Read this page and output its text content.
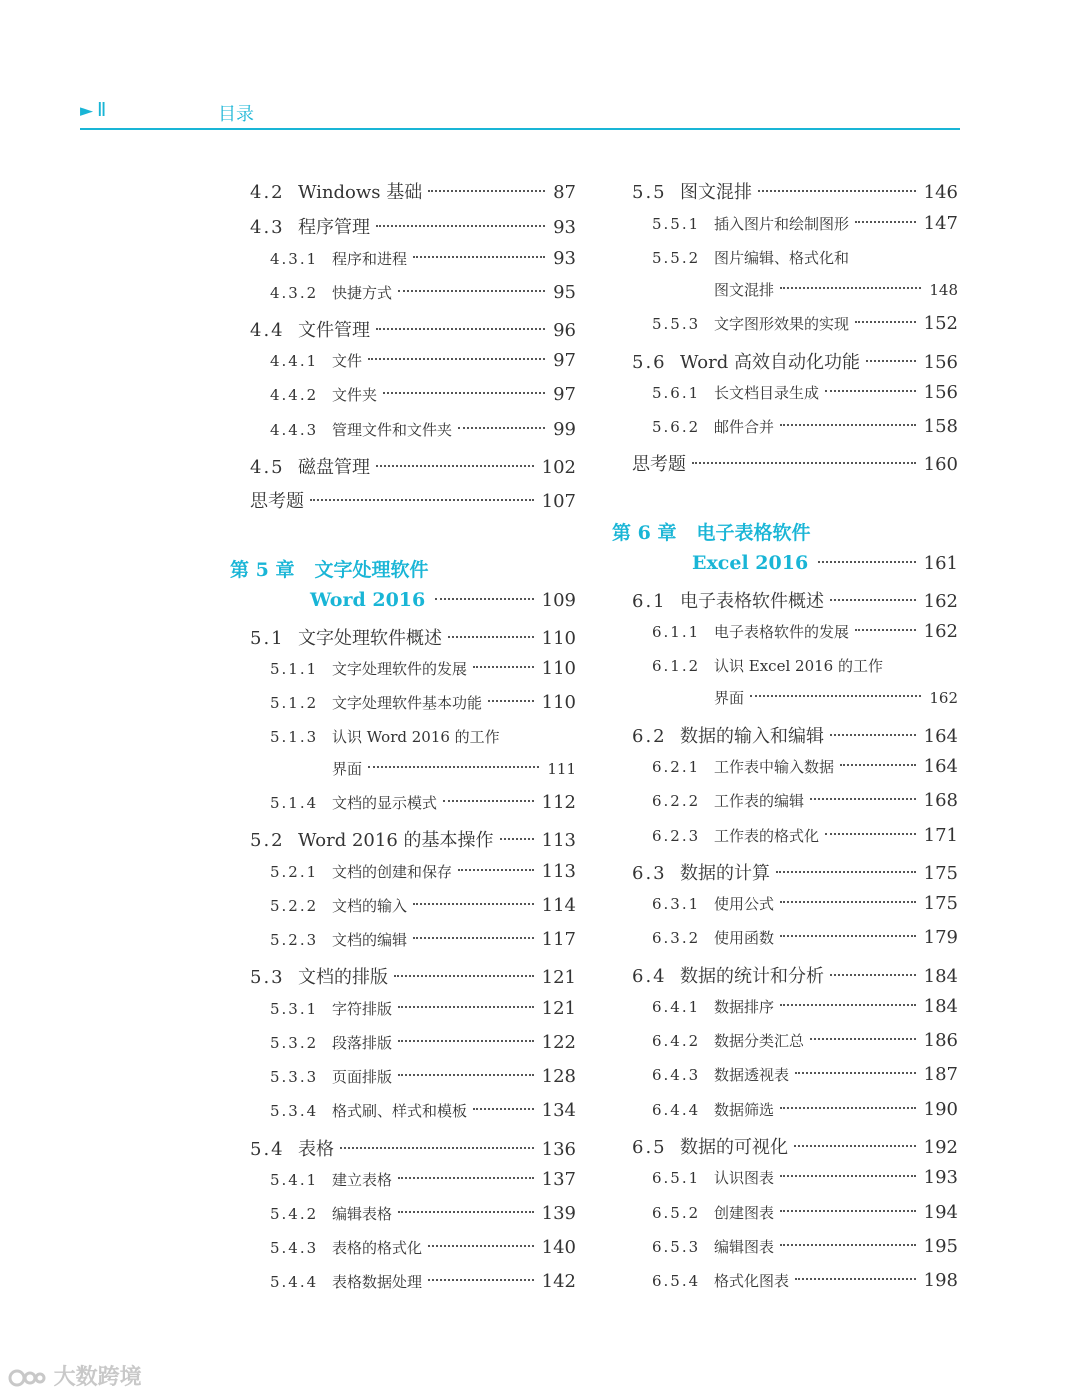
► Ⅱ	目录
4.2 Windows 基础	87
4.3 程序管理	93
4.3.1 程序和进程	93
4.3.2 快捷方式	95
4.4 文件管理	96
4.4.1 文件	97
4.4.2 文件夹	97
4.4.3 管理文件和文件夹	99
4.5 磁盘管理	102
思考题	107
第 5 章 文字处理软件
Word 2016	109
5.1 文字处理软件概述	110
5.1.1 文字处理软件的发展	110
5.1.2 文字处理软件基本功能	110
5.1.3 认识 Word 2016 的工作
界面	111
5.1.4 文档的显示模式	112
5.2 Word 2016 的基本操作	113
5.2.1 文档的创建和保存	113
5.2.2 文档的输入	114
5.2.3 文档的编辑	117
5.3 文档的排版	121
5.3.1 字符排版	121
5.3.2 段落排版	122
5.3.3 页面排版	128
5.3.4 格式刷、样式和模板	134
5.4 表格	136
5.4.1 建立表格	137
5.4.2 编辑表格	139
5.4.3 表格的格式化	140
5.4.4 表格数据处理	142
5.5 图文混排	146
5.5.1 插入图片和绘制图形	147
5.5.2 图片编辑、格式化和
图文混排	148
5.5.3 文字图形效果的实现	152
5.6 Word 高效自动化功能	156
5.6.1 长文档目录生成	156
5.6.2 邮件合并	158
思考题	160
第 6 章 电子表格软件
Excel 2016	161
6.1 电子表格软件概述	162
6.1.1 电子表格软件的发展	162
6.1.2 认识 Excel 2016 的工作
界面	162
6.2 数据的输入和编辑	164
6.2.1 工作表中输入数据	164
6.2.2 工作表的编辑	168
6.2.3 工作表的格式化	171
6.3 数据的计算	175
6.3.1 使用公式	175
6.3.2 使用函数	179
6.4 数据的统计和分析	184
6.4.1 数据排序	184
6.4.2 数据分类汇总	186
6.4.3 数据透视表	187
6.4.4 数据筛选	190
6.5 数据的可视化	192
6.5.1 认识图表	193
6.5.2 创建图表	194
6.5.3 编辑图表	195
6.5.4 格式化图表	198
大数跨境
